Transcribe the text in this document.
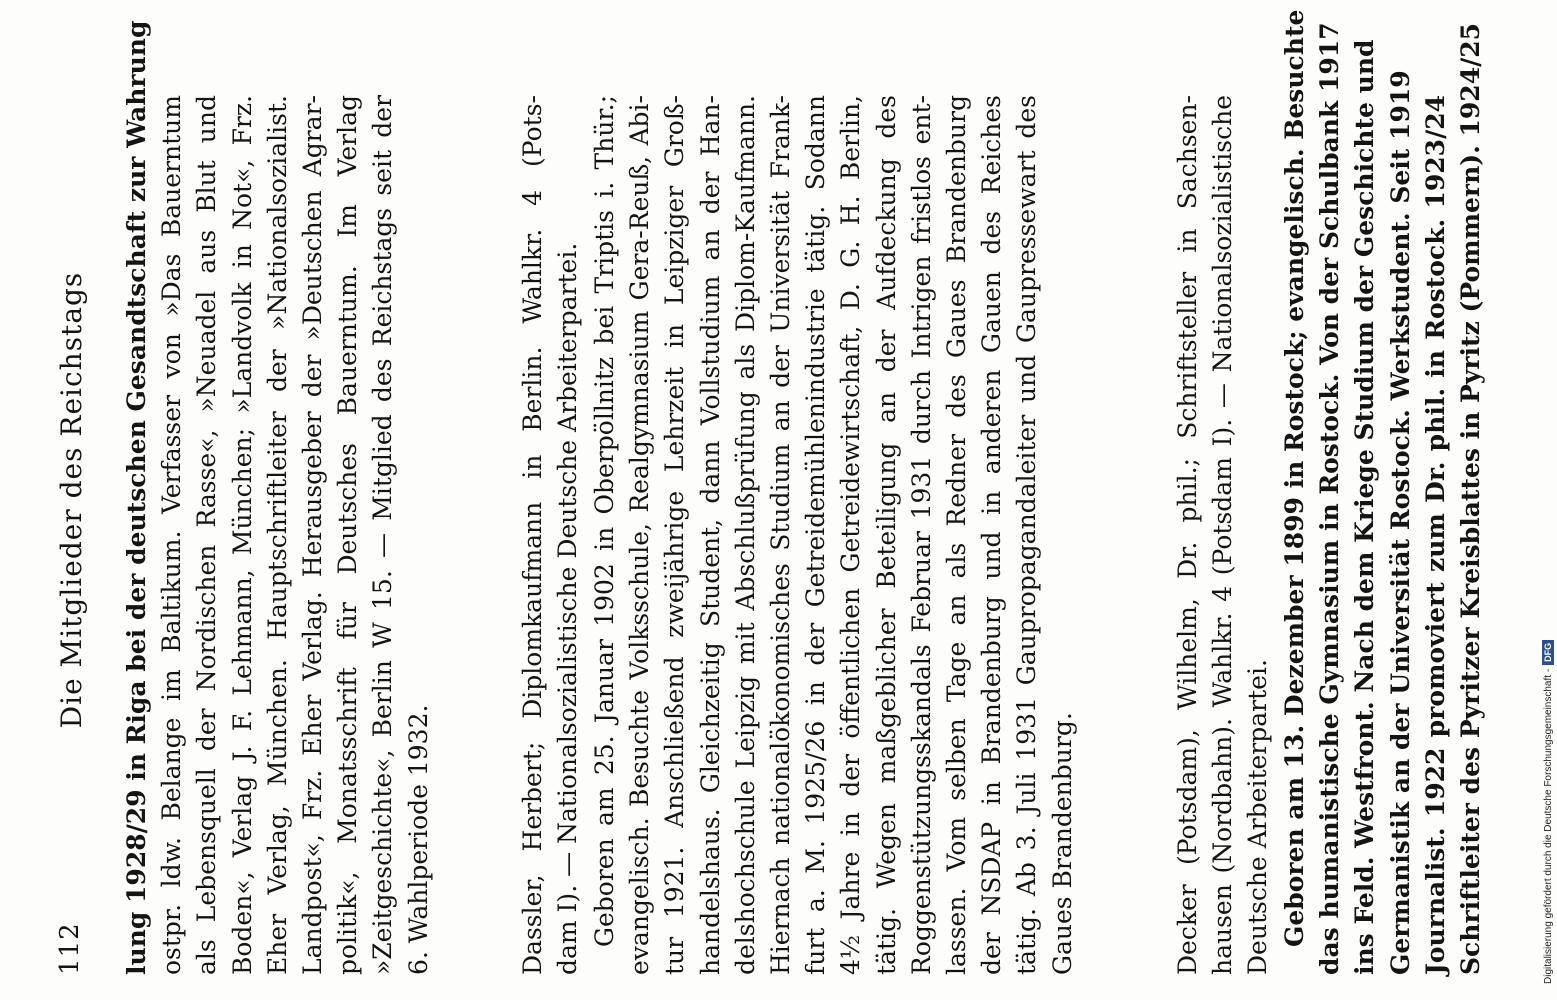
112
Die Mitglieder des Reichstags lung 1928/29 in Riga bei der deutschen Gesandtschaft zur Wahrung ostpr. ldw. Belange im Baltikum. Verfasser von »Das Bauerntum als Lebensquell der Nordischen Rasse«, »Neuadel aus Blut und Boden«, Verlag J. F. Lehmann, München; »Landvolk in Not«, Frz. Eher Verlag, München. Hauptschriftleiter der »Nationalsozialist. Landpost«, Frz. Eher Verlag. Herausgeber der »Deutschen Agrar- politik«, Monatsschrift für Deutsches Bauerntum. Im Verlag »Zeitgeschichte«, Berlin W 15. — Mitglied des Reichstags seit der 6. Wahlperiode 1932.	Dassler, Herbert; Diplomkaufmann in Berlin. Wahlkr. 4 (Pots- dam I). — Nationalsozialistische Deutsche Arbeiterpartei. Geboren am 25. Januar 1902 in Oberpöllnitz bei Triptis i. Thür.; evangelisch. Besuchte Volksschule, Realgymnasium Gera-Reuß, Abi- tur 1921. Anschließend zweijährige Lehrzeit in Leipziger Groß- handelshaus. Gleichzeitig Student, dann Vollstudium an der Han- delshochschule Leipzig mit Abschlußprüfung als Diplom-Kaufmann. Hiernach nationalökonomisches Studium an der Universität Frank- furt a. M. 1925/26 in der Getreidemühlenindustrie tätig. Sodann 4½ Jahre in der öffentlichen Getreidewirtschaft, D. G. H. Berlin, tätig. Wegen maßgeblicher Beteiligung an der Aufdeckung des Roggenstützungsskandals Februar 1931 durch Intrigen fristlos ent- lassen. Vom selben Tage an als Redner des Gaues Brandenburg der NSDAP in Brandenburg und in anderen Gauen des Reiches tätig. Ab 3. Juli 1931 Gaupropagandaleiter und Gaupressewart des Gaues Brandenburg.	Decker (Potsdam), Wilhelm, Dr. phil.; Schriftsteller in Sachsen- hausen (Nordbahn). Wahlkr. 4 (Potsdam I). — Nationalsozialistische Deutsche Arbeiterpartei. Geboren am 13. Dezember 1899 in Rostock; evangelisch. Besuchte das humanistische Gymnasium in Rostock. Von der Schulbank 1917 ins Feld. Westfront. Nach dem Kriege Studium der Geschichte und Germanistik an der Universität Rostock. Werkstudent. Seit 1919 Journalist. 1922 promoviert zum Dr. phil. in Rostock. 1923/24 Schriftleiter des Pyritzer Kreisblattes in Pyritz (Pommern). 1924/25	Digitalisierung gefördert durch die Deutsche Forschungsgemeinschaft -
DFG
